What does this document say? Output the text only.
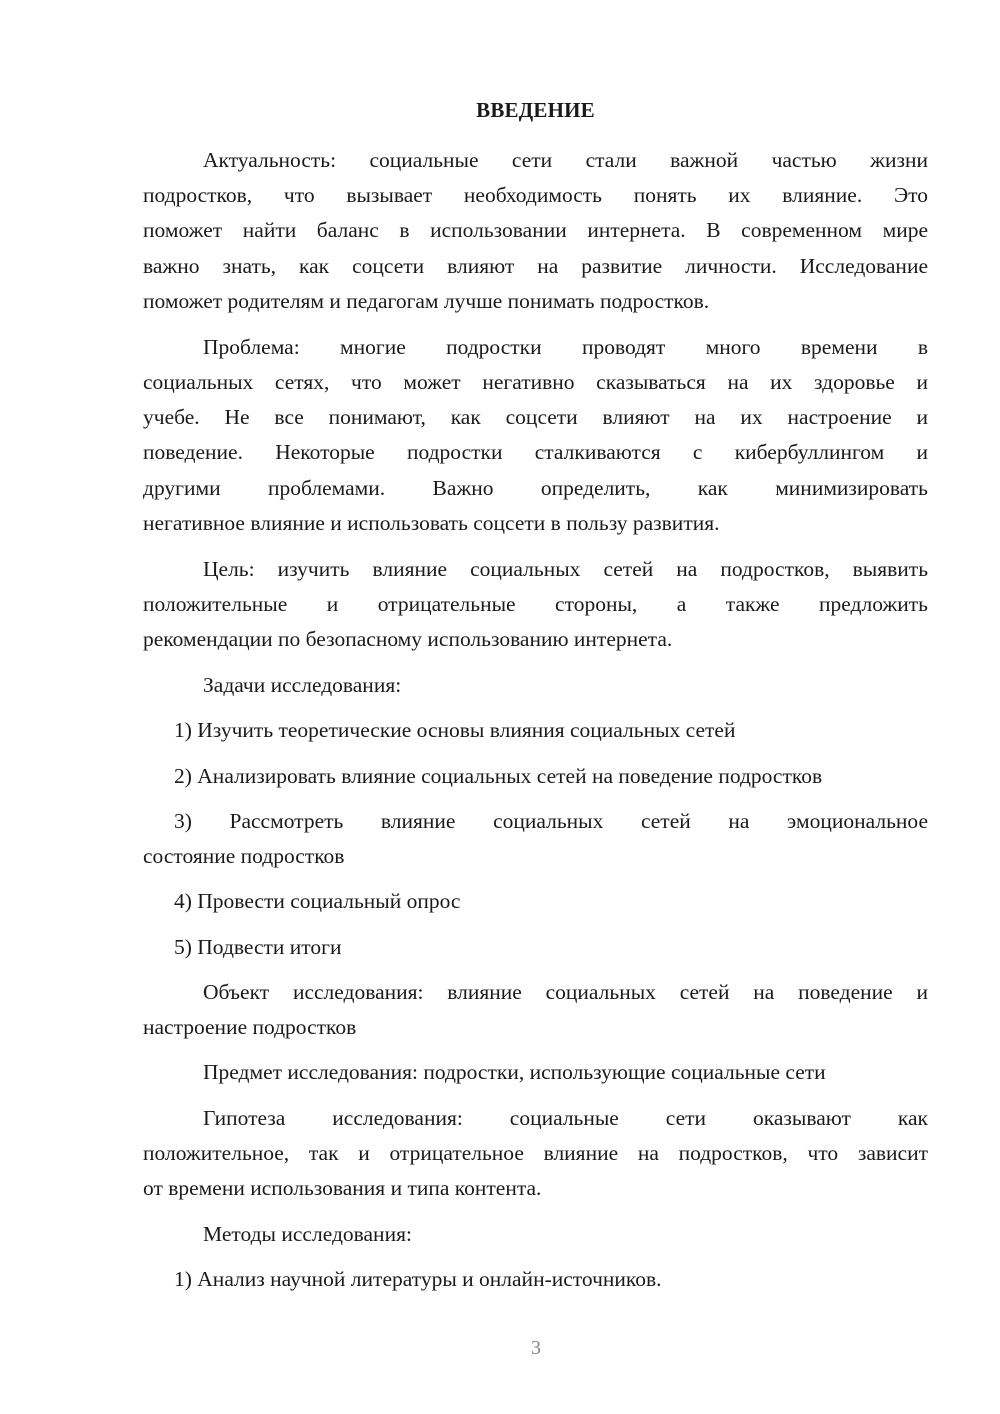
ВВЕДЕНИЕ
Актуальность: социальные сети стали важной частью жизни
подростков, что вызывает необходимость понять их влияние. Это
поможет найти баланс в использовании интернета. В современном мире
важно знать, как соцсети влияют на развитие личности. Исследование
поможет родителям и педагогам лучше понимать подростков.
Проблема: многие подростки проводят много времени в
социальных сетях, что может негативно сказываться на их здоровье и
учебе. Не все понимают, как соцсети влияют на их настроение и
поведение. Некоторые подростки сталкиваются с кибербуллингом и
другими проблемами. Важно определить, как минимизировать
негативное влияние и использовать соцсети в пользу развития.
Цель: изучить влияние социальных сетей на подростков, выявить
положительные и отрицательные стороны, а также предложить
рекомендации по безопасному использованию интернета.
Задачи исследования:
1) Изучить теоретические основы влияния социальных сетей
2) Анализировать влияние социальных сетей на поведение подростков
3) Рассмотреть влияние социальных сетей на эмоциональное
состояние подростков
4) Провести социальный опрос
5) Подвести итоги
Объект исследования: влияние социальных сетей на поведение и
настроение подростков
Предмет исследования: подростки, использующие социальные сети
Гипотеза исследования: социальные сети оказывают как
положительное, так и отрицательное влияние на подростков, что зависит
от времени использования и типа контента.
Методы исследования:
1) Анализ научной литературы и онлайн-источников.
3
